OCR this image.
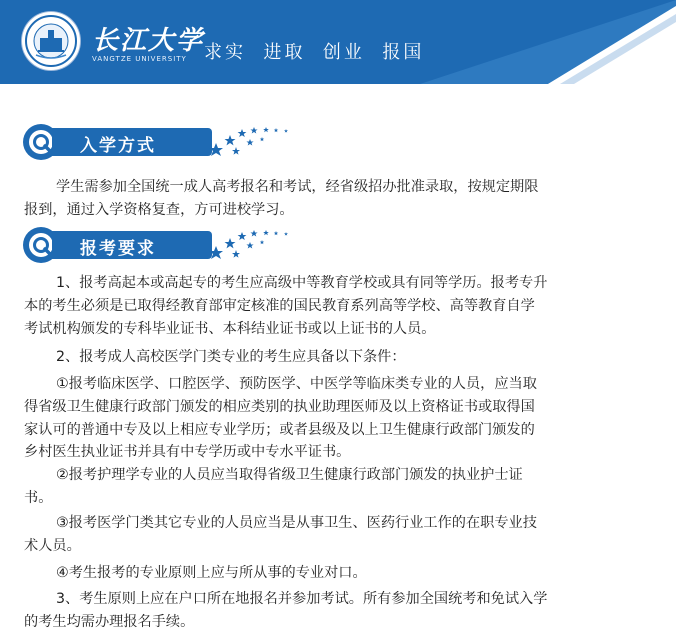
长江大学
VANGTZE UNIVERSITY 求实  进取  创业  报国
入学方式
学生需参加全国统一成人高考报名和考试，经省级招办批准录取，按规定期限
报到，通过入学资格复查，方可进校学习。
报考要求
1、报考高起本或高起专的考生应高级中等教育学校或具有同等学历。报考专升
本的考生必须是已取得经教育部审定核准的国民教育系列高等学校、高等教育自学
考试机构颁发的专科毕业证书、本科结业证书或以上证书的人员。
2、报考成人高校医学门类专业的考生应具备以下条件：
①报考临床医学、口腔医学、预防医学、中医学等临床类专业的人员，应当取
得省级卫生健康行政部门颁发的相应类别的执业助理医师及以上资格证书或取得国
家认可的普通中专及以上相应专业学历；或者县级及以上卫生健康行政部门颁发的
乡村医生执业证书并具有中专学历或中专水平证书。
②报考护理学专业的人员应当取得省级卫生健康行政部门颁发的执业护士证
书。
③报考医学门类其它专业的人员应当是从事卫生、医药行业工作的在职专业技
术人员。
④考生报考的专业原则上应与所从事的专业对口。
3、考生原则上应在户口所在地报名并参加考试。所有参加全国统考和免试入学
的考生均需办理报名手续。
